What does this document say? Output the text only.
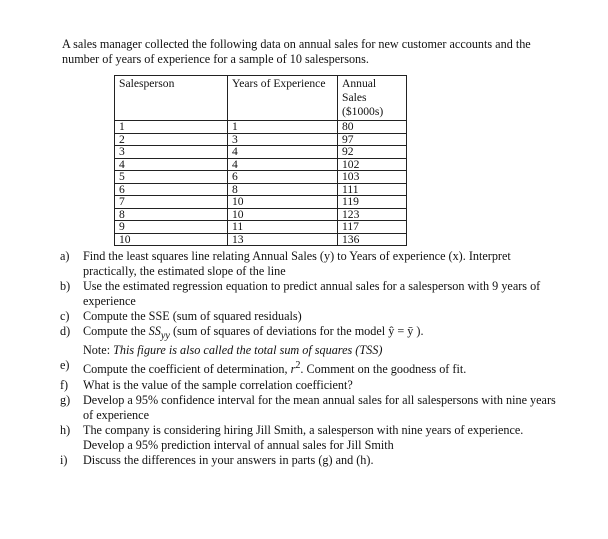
A sales manager collected the following data on annual sales for new customer accounts and the number of years of experience for a sample of 10 salespersons.

Salesperson	Years of Experience	Annual Sales ($1000s)
1	1	80
2	3	97
3	4	92
4	4	102
5	6	103
6	8	111
7	10	119
8	10	123
9	11	117
10	13	136
a) Find the least squares line relating Annual Sales (y) to Years of experience (x). Interpret practically, the estimated slope of the line
b) Use the estimated regression equation to predict annual sales for a salesperson with 9 years of experience
c) Compute the SSE (sum of squared residuals)
d) Compute the $SS_{yy}$ (sum of squares of deviations for the model ŷ = ȳ ).
Note: This figure is also called the total sum of squares (TSS)
e) Compute the coefficient of determination, $r^2$. Comment on the goodness of fit.
f) What is the value of the sample correlation coefficient?
g) Develop a 95% confidence interval for the mean annual sales for all salespersons with nine years of experience
h) The company is considering hiring Jill Smith, a salesperson with nine years of experience. Develop a 95% prediction interval of annual sales for Jill Smith
i) Discuss the differences in your answers in parts (g) and (h).
